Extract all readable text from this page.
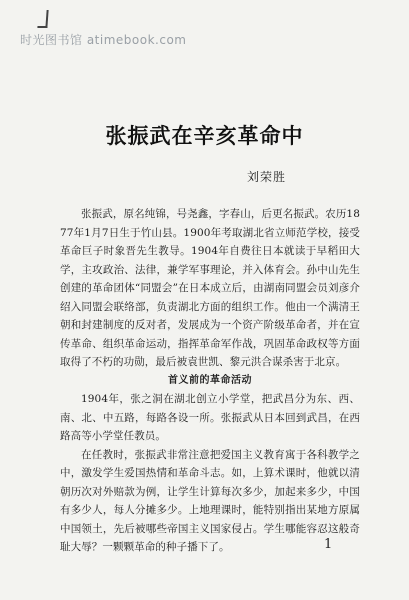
时光图书馆 atimebook.com
张振武在辛亥革命中
刘荣胜

张振武，原名纯锦，号尧鑫，字春山，后更名振武。农历1877年1月7日生于竹山县。1900年考取湖北省立师范学校，接受革命巨子时象晋先生教导。1904年自费往日本就读于早稻田大学，主攻政治、法律，兼学军事理论，并入体育会。孙中山先生创建的革命团体“同盟会”在日本成立后，由湖南同盟会员刘彦介绍入同盟会联络部，负责湖北方面的组织工作。他由一个满清王朝和封建制度的反对者，发展成为一个资产阶级革命者，并在宣传革命、组织革命运动，指挥革命军作战，巩固革命政权等方面取得了不朽的功勋，最后被袁世凯、黎元洪合谋杀害于北京。

首义前的革命活动

1904年，张之洞在湖北创立小学堂，把武昌分为东、西、南、北、中五路，每路各设一所。张振武从日本回到武昌，在西路高等小学堂任教员。

在任教时，张振武非常注意把爱国主义教育寓于各科教学之中，激发学生爱国热情和革命斗志。如，上算术课时，他就以清朝历次对外赔款为例，让学生计算每次多少，加起来多少，中国有多少人，每人分摊多少。上地理课时，能特别指出某地方原属中国领土，先后被哪些帝国主义国家侵占。学生哪能容忍这般奇耻大辱？一颗颗革命的种子播下了。	1
